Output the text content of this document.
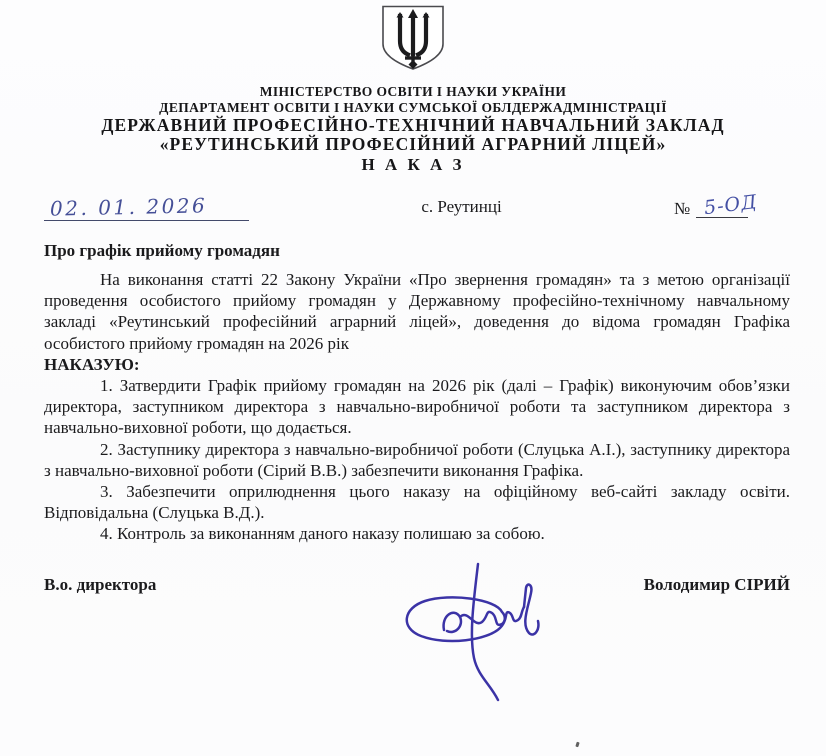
МІНІСТЕРСТВО ОСВІТИ І НАУКИ УКРАЇНИ
ДЕПАРТАМЕНТ ОСВІТИ І НАУКИ СУМСЬКОЇ ОБЛДЕРЖАДМІНІСТРАЦІЇ
ДЕРЖАВНИЙ ПРОФЕСІЙНО-ТЕХНІЧНИЙ НАВЧАЛЬНИЙ ЗАКЛАД
«РЕУТИНСЬКИЙ ПРОФЕСІЙНИЙ АГРАРНИЙ ЛІЦЕЙ»
Н А К А З
02. 01. 2026	с. Реутинці	№ 5-ОД
Про графік прийому громадян

На виконання статті 22 Закону України «Про звернення громадян» та з метою організації проведення особистого прийому громадян у Державному професійно-технічному навчальному закладі «Реутинський професійний аграрний ліцей», доведення до відома громадян Графіка особистого прийому громадян на 2026 рік

НАКАЗУЮ:

1. Затвердити Графік прийому громадян на 2026 рік (далі – Графік) виконуючим обов’язки директора, заступником директора з навчально-виробничої роботи та заступником директора з навчально-виховної роботи, що додається.

2. Заступнику директора з навчально-виробничої роботи (Слуцька А.І.), заступнику директора з навчально-виховної роботи (Сірий В.В.) забезпечити виконання Графіка.

3. Забезпечити оприлюднення цього наказу на офіційному веб-сайті закладу освіти. Відповідальна (Слуцька В.Д.).

4. Контроль за виконанням даного наказу полишаю за собою.

В.о. директора	Володимир СІРИЙ
